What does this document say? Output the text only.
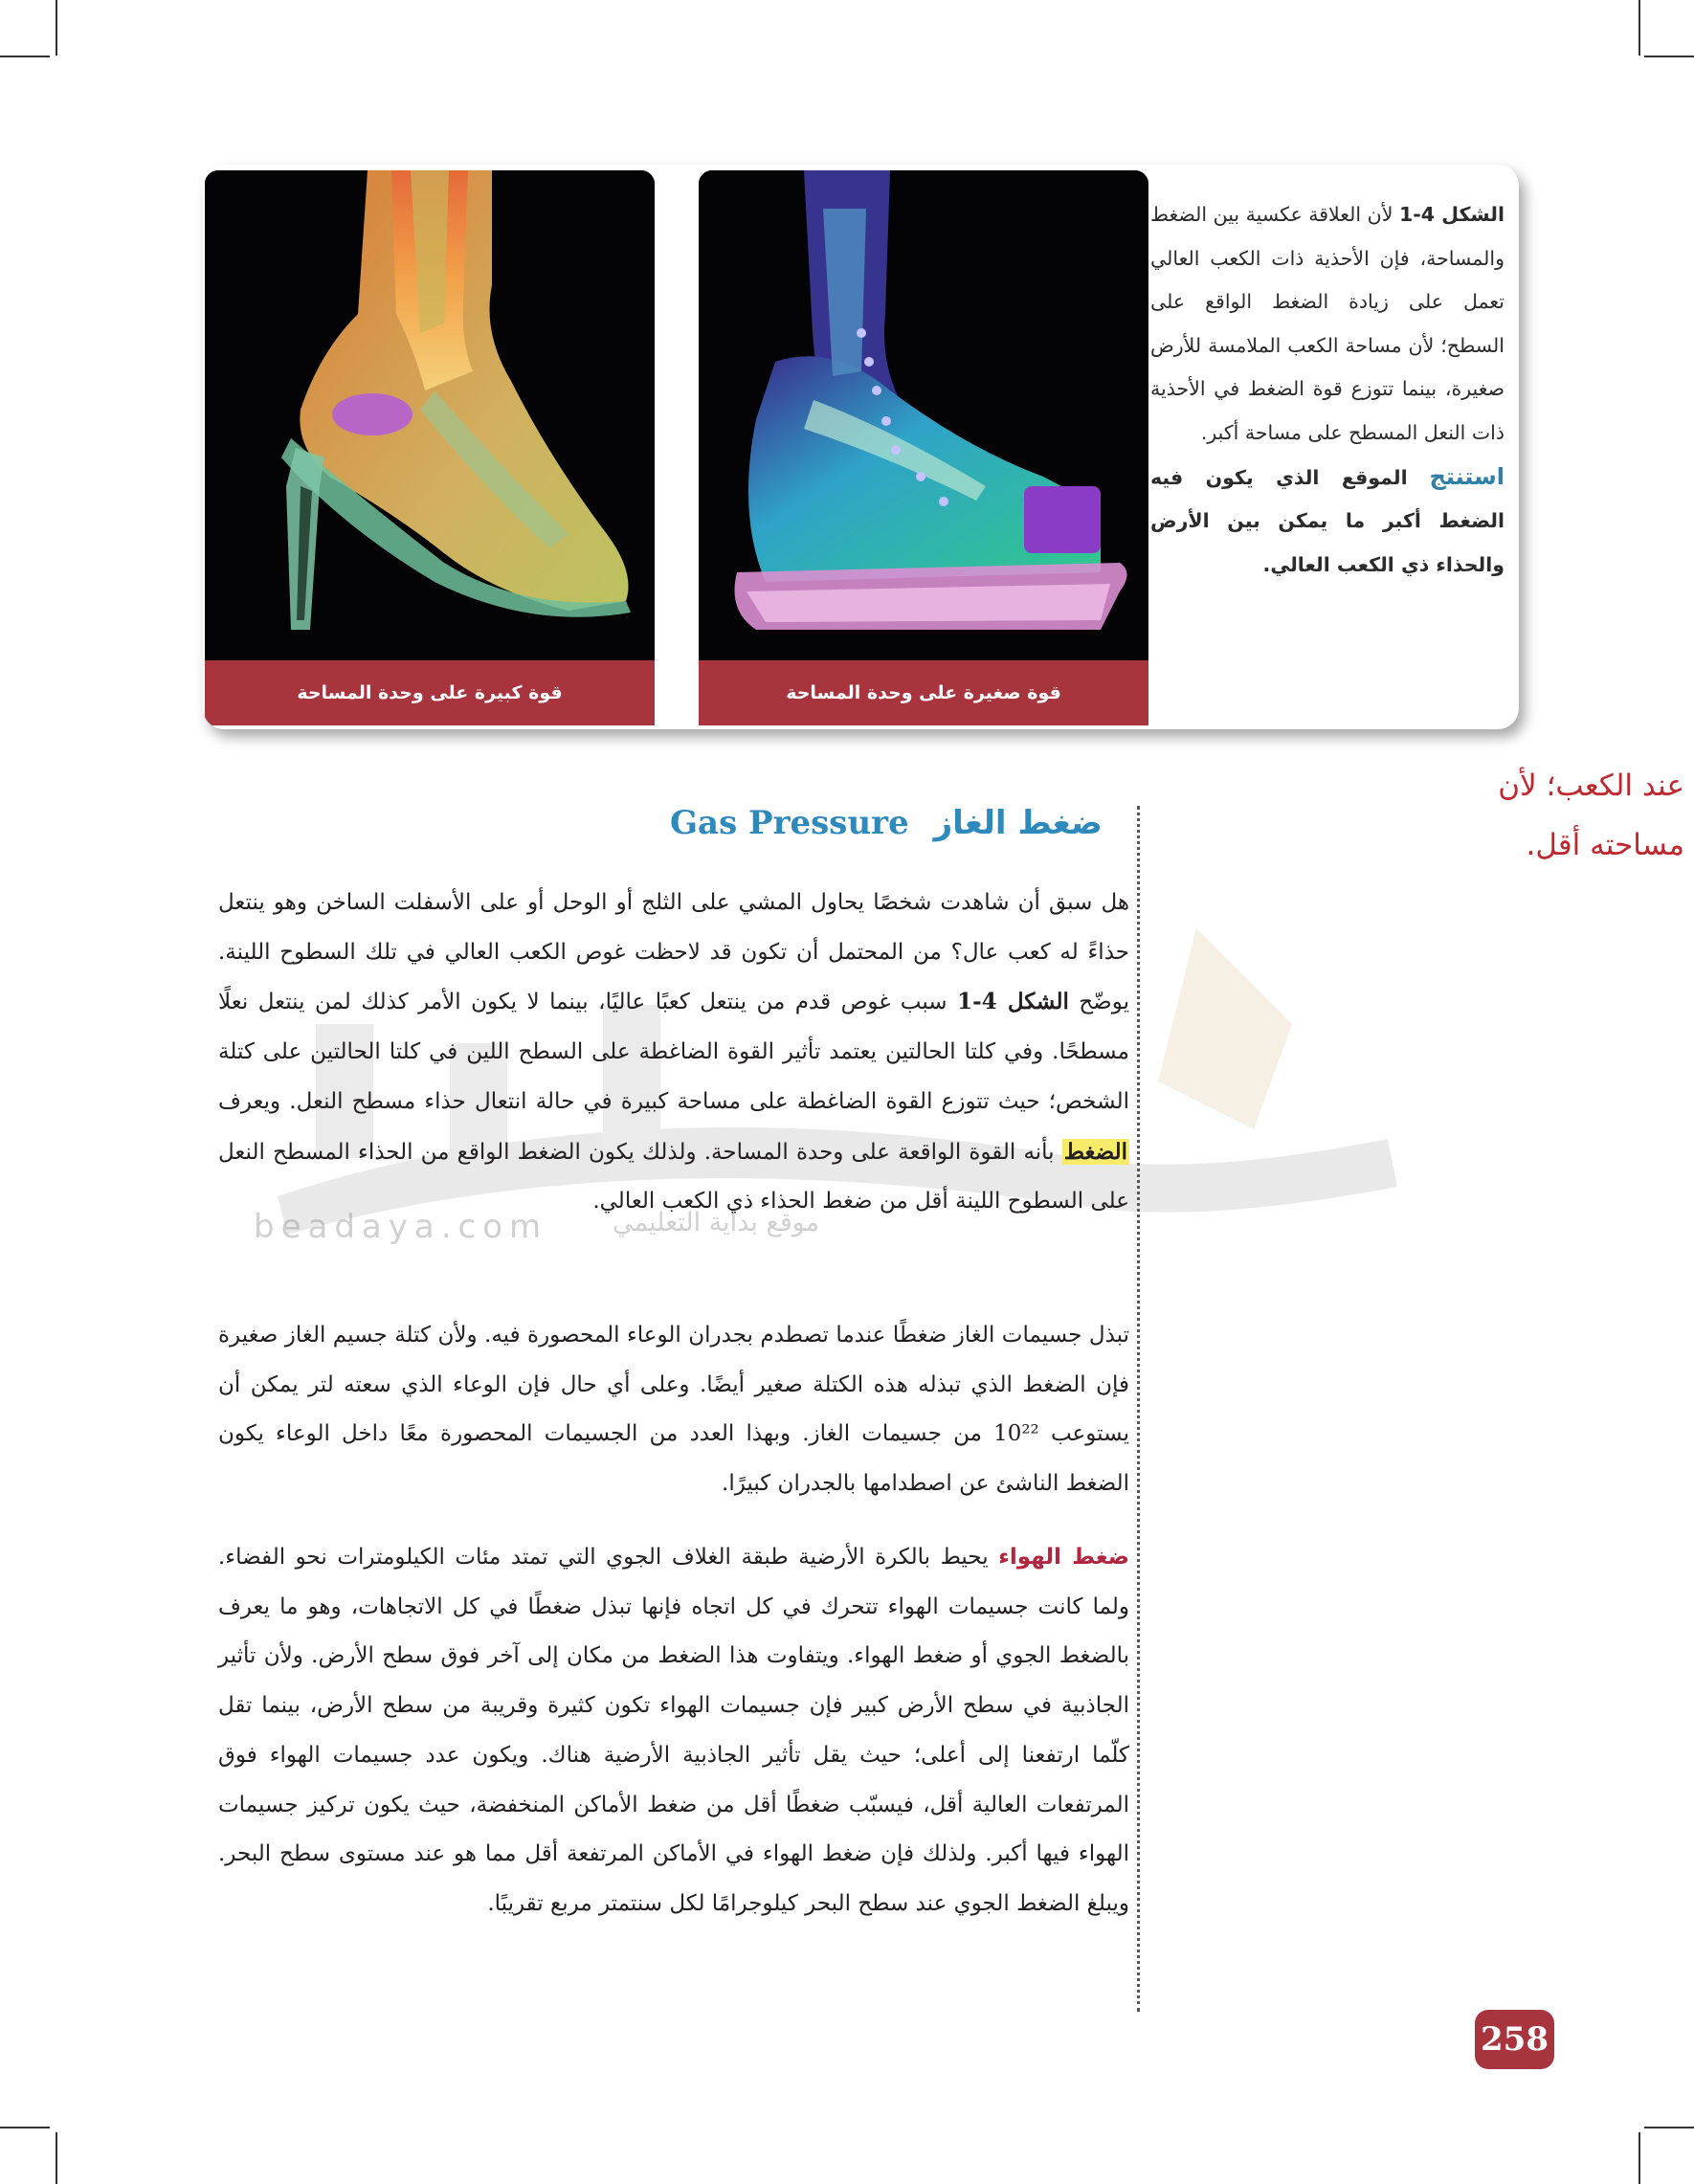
قوة كبيرة على وحدة المساحة	قوة صغيرة على وحدة المساحة
الشكل 4-1 لأن العلاقة عكسية بين الضغط والمساحة، فإن الأحذية ذات الكعب العالي تعمل على زيادة الضغط الواقع على السطح؛ لأن مساحة الكعب الملامسة للأرض صغيرة، بينما تتوزع قوة الضغط في الأحذية ذات النعل المسطح على مساحة أكبر.
استنتج الموقع الذي يكون فيه الضغط أكبر ما يمكن بين الأرض والحذاء ذي الكعب العالي.
beadaya.com	موقع بداية التعليمي
عند الكعب؛ لأن مساحته أقل.
ضغط الغاز Gas Pressure

هل سبق أن شاهدت شخصًا يحاول المشي على الثلج أو الوحل أو على الأسفلت الساخن وهو ينتعل حذاءً له كعب عال؟ من المحتمل أن تكون قد لاحظت غوص الكعب العالي في تلك السطوح اللينة. يوضّح الشكل 4-1 سبب غوص قدم من ينتعل كعبًا عاليًا، بينما لا يكون الأمر كذلك لمن ينتعل نعلًا مسطحًا. وفي كلتا الحالتين يعتمد تأثير القوة الضاغطة على السطح اللين في كلتا الحالتين على كتلة الشخص؛ حيث تتوزع القوة الضاغطة على مساحة كبيرة في حالة انتعال حذاء مسطح النعل. ويعرف الضغط بأنه القوة الواقعة على وحدة المساحة. ولذلك يكون الضغط الواقع من الحذاء المسطح النعل على السطوح اللينة أقل من ضغط الحذاء ذي الكعب العالي.

تبذل جسيمات الغاز ضغطًا عندما تصطدم بجدران الوعاء المحصورة فيه. ولأن كتلة جسيم الغاز صغيرة فإن الضغط الذي تبذله هذه الكتلة صغير أيضًا. وعلى أي حال فإن الوعاء الذي سعته لتر يمكن أن يستوعب 10²² من جسيمات الغاز. وبهذا العدد من الجسيمات المحصورة معًا داخل الوعاء يكون الضغط الناشئ عن اصطدامها بالجدران كبيرًا.

ضغط الهواء يحيط بالكرة الأرضية طبقة الغلاف الجوي التي تمتد مئات الكيلومترات نحو الفضاء. ولما كانت جسيمات الهواء تتحرك في كل اتجاه فإنها تبذل ضغطًا في كل الاتجاهات، وهو ما يعرف بالضغط الجوي أو ضغط الهواء. ويتفاوت هذا الضغط من مكان إلى آخر فوق سطح الأرض. ولأن تأثير الجاذبية في سطح الأرض كبير فإن جسيمات الهواء تكون كثيرة وقريبة من سطح الأرض، بينما تقل كلّما ارتفعنا إلى أعلى؛ حيث يقل تأثير الجاذبية الأرضية هناك. ويكون عدد جسيمات الهواء فوق المرتفعات العالية أقل، فيسبّب ضغطًا أقل من ضغط الأماكن المنخفضة، حيث يكون تركيز جسيمات الهواء فيها أكبر. ولذلك فإن ضغط الهواء في الأماكن المرتفعة أقل مما هو عند مستوى سطح البحر. ويبلغ الضغط الجوي عند سطح البحر كيلوجرامًا لكل سنتمتر مربع تقريبًا.

258
